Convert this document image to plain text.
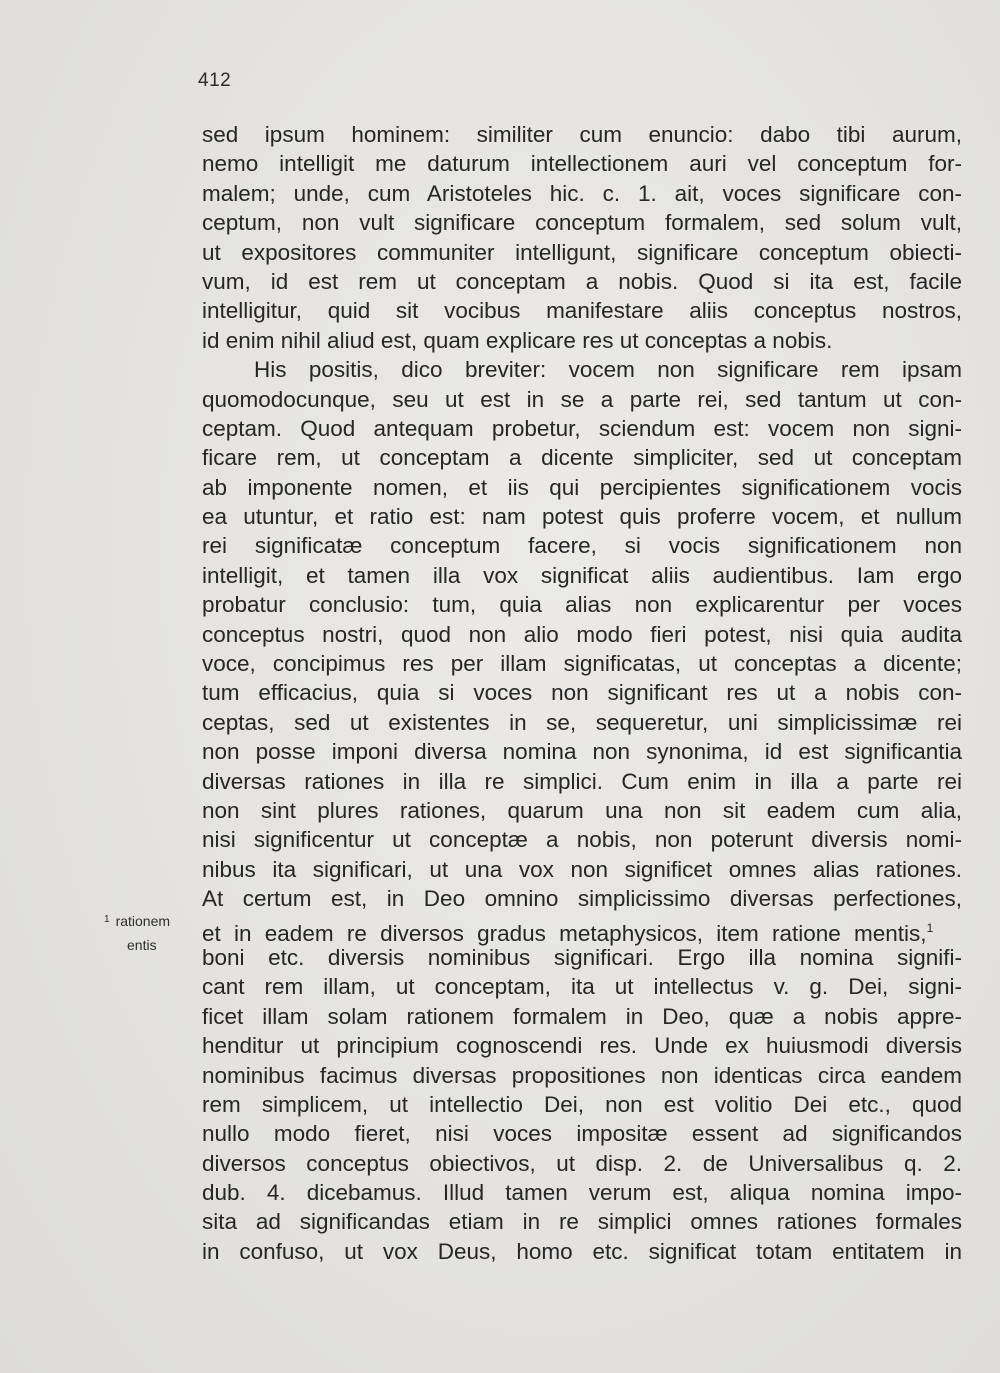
412
sed ipsum hominem: similiter cum enuncio: dabo tibi aurum,
nemo intelligit me daturum intellectionem auri vel conceptum for-
malem; unde, cum Aristoteles hic. c. 1. ait, voces significare con-
ceptum, non vult significare conceptum formalem, sed solum vult,
ut expositores communiter intelligunt, significare conceptum obiecti-
vum, id est rem ut conceptam a nobis. Quod si ita est, facile
intelligitur, quid sit vocibus manifestare aliis conceptus nostros,
id enim nihil aliud est, quam explicare res ut conceptas a nobis.
His positis, dico breviter: vocem non significare rem ipsam
quomodocunque, seu ut est in se a parte rei, sed tantum ut con-
ceptam. Quod antequam probetur, sciendum est: vocem non signi-
ficare rem, ut conceptam a dicente simpliciter, sed ut conceptam
ab imponente nomen, et iis qui percipientes significationem vocis
ea utuntur, et ratio est: nam potest quis proferre vocem, et nullum
rei significatæ conceptum facere, si vocis significationem non
intelligit, et tamen illa vox significat aliis audientibus. Iam ergo
probatur conclusio: tum, quia alias non explicarentur per voces
conceptus nostri, quod non alio modo fieri potest, nisi quia audita
voce, concipimus res per illam significatas, ut conceptas a dicente;
tum efficacius, quia si voces non significant res ut a nobis con-
ceptas, sed ut existentes in se, sequeretur, uni simplicissimæ rei
non posse imponi diversa nomina non synonima, id est significantia
diversas rationes in illa re simplici. Cum enim in illa a parte rei
non sint plures rationes, quarum una non sit eadem cum alia,
nisi significentur ut conceptæ a nobis, non poterunt diversis nomi-
nibus ita significari, ut una vox non significet omnes alias rationes.
At certum est, in Deo omnino simplicissimo diversas perfectiones,
et in eadem re diversos gradus metaphysicos, item ratione mentis,$^1$
boni etc. diversis nominibus significari. Ergo illa nomina signifi-
cant rem illam, ut conceptam, ita ut intellectus v. g. Dei, signi-
ficet illam solam rationem formalem in Deo, quæ a nobis appre-
henditur ut principium cognoscendi res. Unde ex huiusmodi diversis
nominibus facimus diversas propositiones non identicas circa eandem
rem simplicem, ut intellectio Dei, non est volitio Dei etc., quod
nullo modo fieret, nisi voces impositæ essent ad significandos
diversos conceptus obiectivos, ut disp. 2. de Universalibus q. 2.
dub. 4. dicebamus. Illud tamen verum est, aliqua nomina impo-
sita ad significandas etiam in re simplici omnes rationes formales
in confuso, ut vox Deus, homo etc. significat totam entitatem in
$^1$ rationem
entis
